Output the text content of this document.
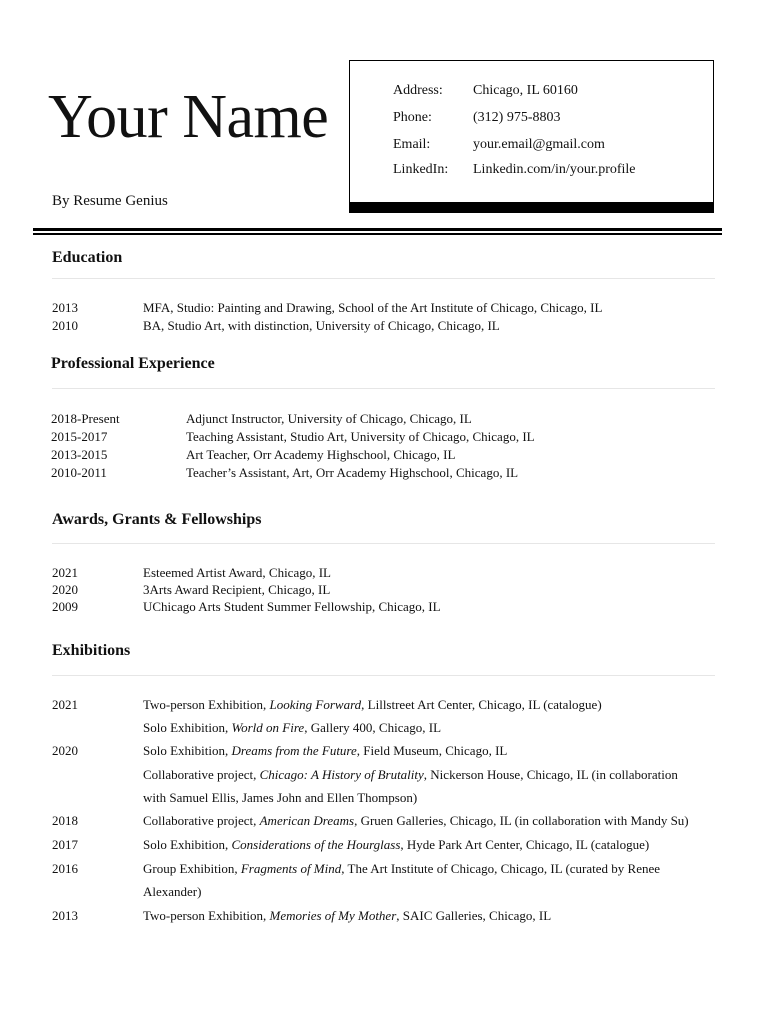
Your Name
By Resume Genius
Address: Chicago, IL 60160
Phone:	(312) 975-8803
Email:	your.email@gmail.com
LinkedIn: Linkedin.com/in/your.profile
Education
2013	MFA, Studio: Painting and Drawing, School of the Art Institute of Chicago, Chicago, IL
2010	BA, Studio Art, with distinction, University of Chicago, Chicago, IL
Professional Experience
2018-Present	Adjunct Instructor, University of Chicago, Chicago, IL
2015-2017	Teaching Assistant, Studio Art, University of Chicago, Chicago, IL
2013-2015	Art Teacher, Orr Academy Highschool, Chicago, IL
2010-2011	Teacher’s Assistant, Art, Orr Academy Highschool, Chicago, IL
Awards, Grants & Fellowships
2021	Esteemed Artist Award, Chicago, IL
2020	3Arts Award Recipient, Chicago, IL
2009	UChicago Arts Student Summer Fellowship, Chicago, IL
Exhibitions
2021	Two-person Exhibition, Looking Forward, Lillstreet Art Center, Chicago, IL (catalogue)
Solo Exhibition, World on Fire, Gallery 400, Chicago, IL
2020	Solo Exhibition, Dreams from the Future, Field Museum, Chicago, IL
Collaborative project, Chicago: A History of Brutality, Nickerson House, Chicago, IL (in collaboration
with Samuel Ellis, James John and Ellen Thompson)
2018	Collaborative project, American Dreams, Gruen Galleries, Chicago, IL (in collaboration with Mandy Su)
2017	Solo Exhibition, Considerations of the Hourglass, Hyde Park Art Center, Chicago, IL (catalogue)
2016	Group Exhibition, Fragments of Mind, The Art Institute of Chicago, Chicago, IL (curated by Renee
Alexander)
2013	Two-person Exhibition, Memories of My Mother, SAIC Galleries, Chicago, IL
